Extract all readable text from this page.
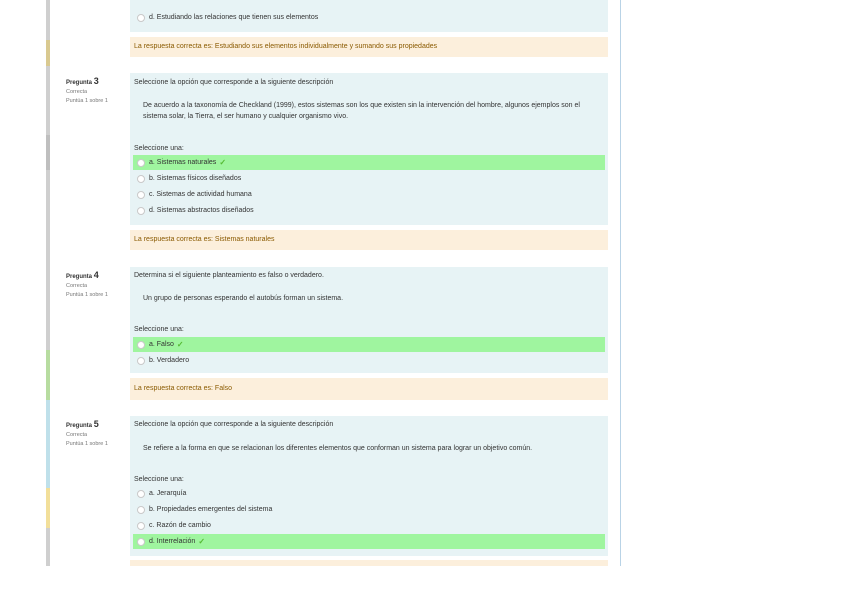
d. Estudiando las relaciones que tienen sus elementos
La respuesta correcta es: Estudiando sus elementos individualmente y sumando sus propiedades
Pregunta 3
Correcta
Puntúa 1 sobre 1
Seleccione la opción que corresponde a la siguiente descripción
De acuerdo a la taxonomía de Checkland (1999), estos sistemas son los que existen sin la intervención del hombre, algunos ejemplos son el sistema solar, la Tierra, el ser humano y cualquier organismo vivo.
Seleccione una:
a. Sistemas naturales ✓
b. Sistemas físicos diseñados
c. Sistemas de actividad humana
d. Sistemas abstractos diseñados
La respuesta correcta es: Sistemas naturales
Pregunta 4
Correcta
Puntúa 1 sobre 1
Determina si el siguiente planteamiento es falso o verdadero.
Un grupo de personas esperando el autobús forman un sistema.
Seleccione una:
a. Falso ✓
b. Verdadero
La respuesta correcta es: Falso
Pregunta 5
Correcta
Puntúa 1 sobre 1
Seleccione la opción que corresponde a la siguiente descripción
Se refiere a la forma en que se relacionan los diferentes elementos que conforman un sistema para lograr un objetivo común.
Seleccione una:
a. Jerarquía
b. Propiedades emergentes del sistema
c. Razón de cambio
d. Interrelación ✓
